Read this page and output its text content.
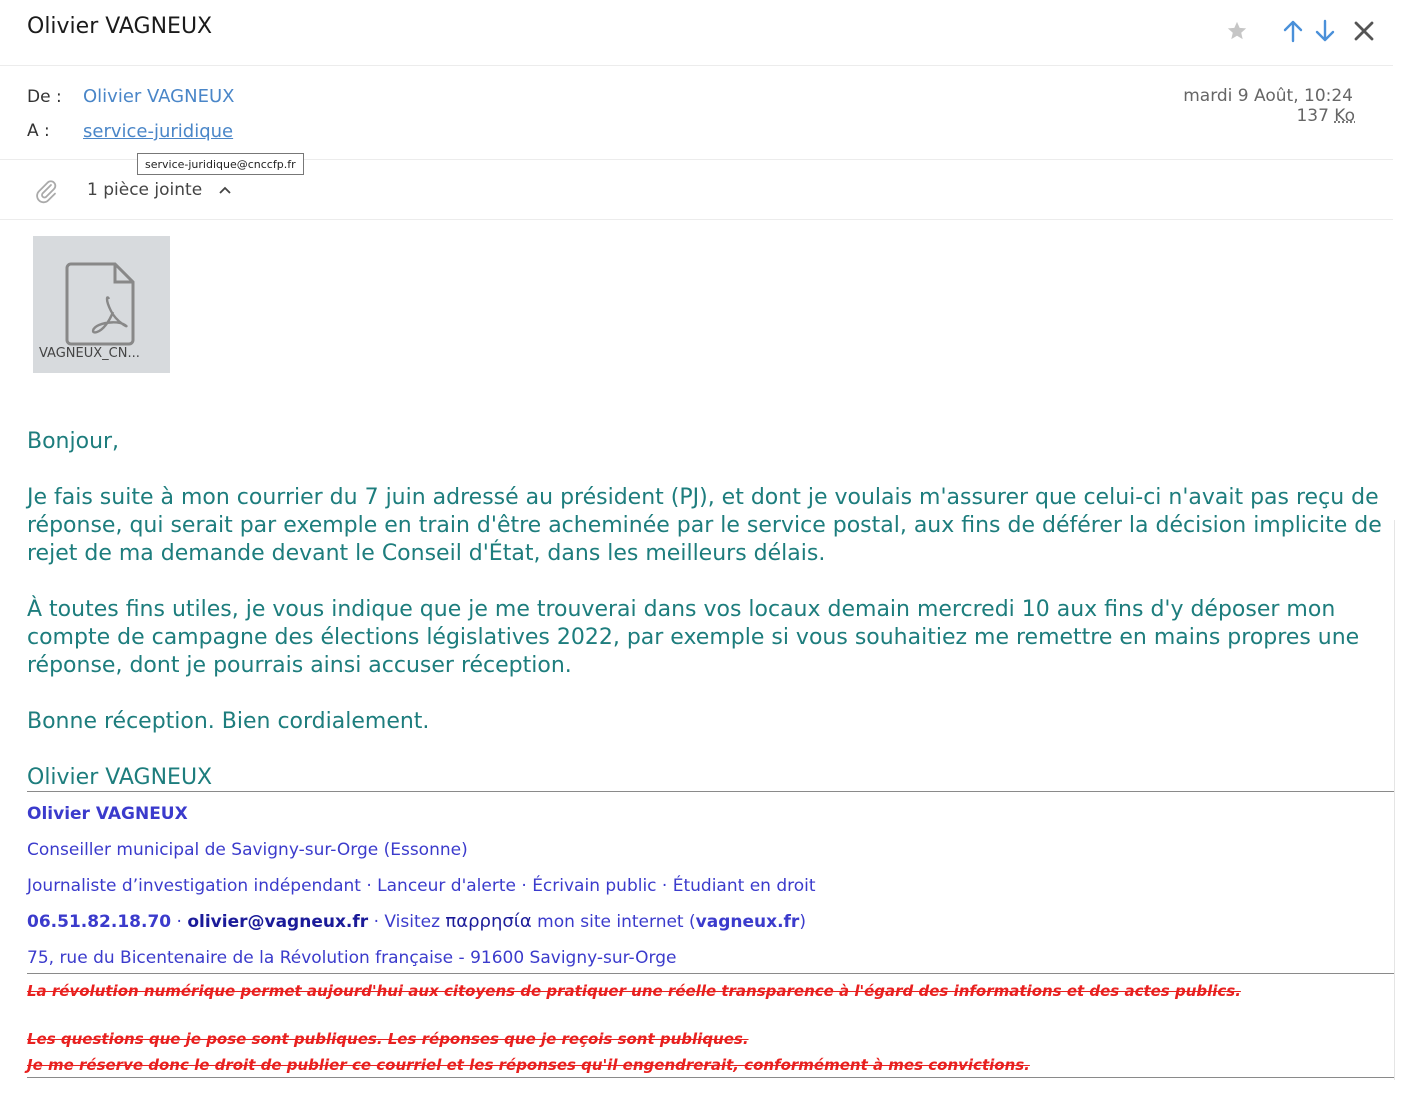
Olivier VAGNEUX
De : Olivier VAGNEUX
A : service-juridique
mardi 9 Août, 10:24
137 Ko
service-juridique@cnccfp.fr
1 pièce jointe
VAGNEUX_CN...
Bonjour,
Je fais suite à mon courrier du 7 juin adressé au président (PJ), et dont je voulais m'assurer que celui-ci n'avait pas reçu de réponse, qui serait par exemple en train d'être acheminée par le service postal, aux fins de déférer la décision implicite de rejet de ma demande devant le Conseil d'État, dans les meilleurs délais.
À toutes fins utiles, je vous indique que je me trouverai dans vos locaux demain mercredi 10 aux fins d'y déposer mon compte de campagne des élections législatives 2022, par exemple si vous souhaitiez me remettre en mains propres une réponse, dont je pourrais ainsi accuser réception.
Bonne réception. Bien cordialement.
Olivier VAGNEUX
Olivier VAGNEUX
Conseiller municipal de Savigny-sur-Orge (Essonne)
Journaliste d’investigation indépendant · Lanceur d'alerte · Écrivain public · Étudiant en droit
06.51.82.18.70 · olivier@vagneux.fr · Visitez παρρησία mon site internet (vagneux.fr)
75, rue du Bicentenaire de la Révolution française - 91600 Savigny-sur-Orge
La révolution numérique permet aujourd'hui aux citoyens de pratiquer une réelle transparence à l'égard des informations et des actes publics.
Les questions que je pose sont publiques. Les réponses que je reçois sont publiques.
Je me réserve donc le droit de publier ce courriel et les réponses qu'il engendrerait, conformément à mes convictions.
